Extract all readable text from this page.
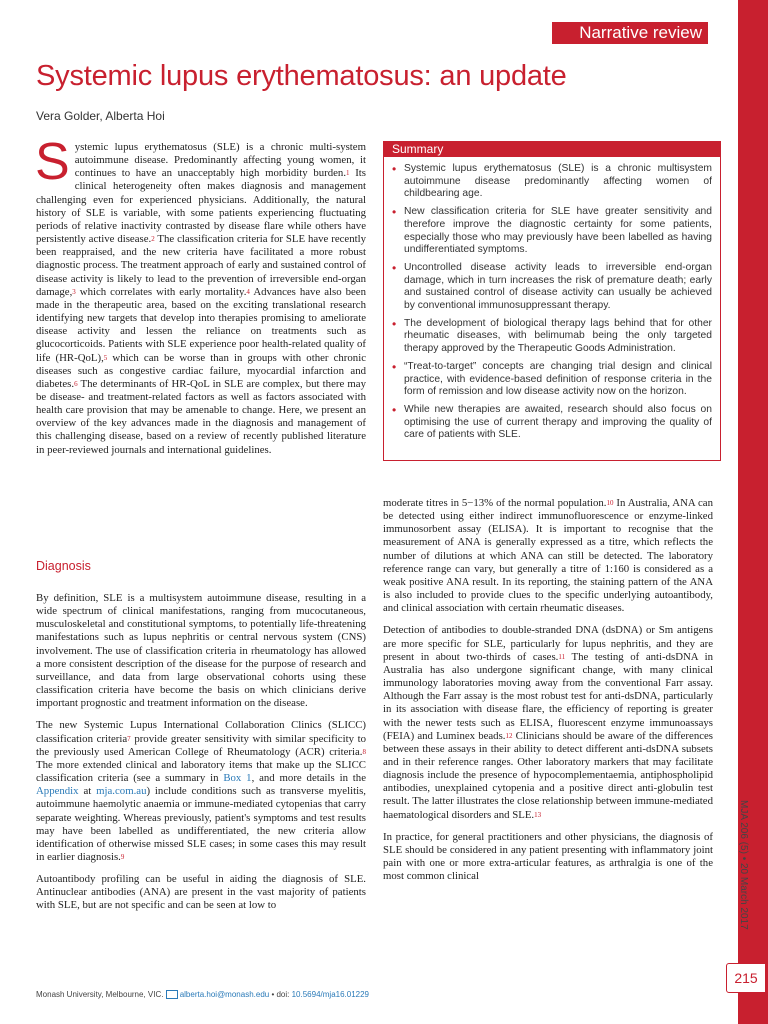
Narrative review
Systemic lupus erythematosus: an update
Vera Golder, Alberta Hoi

Systemic lupus erythematosus (SLE) is a chronic multi-system autoimmune disease. Predominantly affecting young women, it continues to have an unacceptably high morbidity burden.$^1$ Its clinical heterogeneity often makes diagnosis and management challenging even for experienced physicians. Additionally, the natural history of SLE is variable, with some patients experiencing fluctuating periods of relative inactivity contrasted by disease flare while others have persistently active disease.$^2$ The classification criteria for SLE have recently been reappraised, and the new criteria have facilitated a more robust diagnostic process. The treatment approach of early and sustained control of disease activity is likely to lead to the prevention of irreversible end-organ damage,$^3$ which correlates with early mortality.$^4$ Advances have also been made in the therapeutic area, based on the exciting translational research identifying new targets that develop into therapies promising to ameliorate disease activity and lessen the reliance on treatments such as glucocorticoids. Patients with SLE experience poor health-related quality of life (HR-QoL),$^5$ which can be worse than in groups with other chronic diseases such as congestive cardiac failure, myocardial infarction and diabetes.$^6$ The determinants of HR-QoL in SLE are complex, but there may be disease- and treatment-related factors as well as factors associated with health care provision that may be amenable to change. Here, we present an overview of the key advances made in the diagnosis and management of this challenging disease, based on a review of recently published literature in peer-reviewed journals and international guidelines.

Diagnosis

By definition, SLE is a multisystem autoimmune disease, resulting in a wide spectrum of clinical manifestations, ranging from mucocutaneous, musculoskeletal and constitutional symptoms, to potentially life-threatening manifestations such as lupus nephritis or central nervous system (CNS) involvement. The use of classification criteria in rheumatology has allowed a more consistent description of the disease for the purpose of research and surveillance, and data from large observational cohorts using these classification criteria have become the basis on which clinicians derive important prognostic and treatment information on the disease.

The new Systemic Lupus International Collaboration Clinics (SLICC) classification criteria$^7$ provide greater sensitivity with similar specificity to the previously used American College of Rheumatology (ACR) criteria.$^8$ The more extended clinical and laboratory items that make up the SLICC classification criteria (see a summary in Box 1, and more details in the Appendix at mja.com.au) include conditions such as transverse myelitis, autoimmune haemolytic anaemia or immune-mediated cytopenias that carry separate weighting. Whereas previously, patient's symptoms and test results may have been labelled as undifferentiated, the new criteria allow identification of otherwise missed SLE cases; in some cases this may result in earlier diagnosis.$^9$

Autoantibody profiling can be useful in aiding the diagnosis of SLE. Antinuclear antibodies (ANA) are present in the vast majority of patients with SLE, but are not specific and can be seen at low to

Summary
• Systemic lupus erythematosus (SLE) is a chronic multisystem autoimmune disease predominantly affecting women of childbearing age.
• New classification criteria for SLE have greater sensitivity and therefore improve the diagnostic certainty for some patients, especially those who may previously have been labelled as having undifferentiated symptoms.
• Uncontrolled disease activity leads to irreversible end-organ damage, which in turn increases the risk of premature death; early and sustained control of disease activity can usually be achieved by conventional immunosuppressant therapy.
• The development of biological therapy lags behind that for other rheumatic diseases, with belimumab being the only targeted therapy approved by the Therapeutic Goods Administration.
• “Treat-to-target” concepts are changing trial design and clinical practice, with evidence-based definition of response criteria in the form of remission and low disease activity now on the horizon.
• While new therapies are awaited, research should also focus on optimising the use of current therapy and improving the quality of care of patients with SLE.

moderate titres in 5−13% of the normal population.$^{10}$ In Australia, ANA can be detected using either indirect immunofluorescence or enzyme-linked immunosorbent assay (ELISA). It is important to recognise that the measurement of ANA is generally expressed as a titre, which reflects the number of dilutions at which ANA can still be detected. The laboratory reference range can vary, but generally a titre of 1:160 is considered as a weak positive ANA result. In its reporting, the staining pattern of the ANA is also included to provide clues to the specific underlying autoantibody, and clinical association with certain rheumatic diseases.

Detection of antibodies to double-stranded DNA (dsDNA) or Sm antigens are more specific for SLE, particularly for lupus nephritis, and they are present in about two-thirds of cases.$^{11}$ The testing of anti-dsDNA in Australia has also undergone significant change, with many clinical immunology laboratories moving away from the conventional Farr assay. Although the Farr assay is the most robust test for anti-dsDNA, particularly in its association with disease flare, the efficiency of reporting is greater with the newer tests such as ELISA, fluorescent enzyme immunoassays (FEIA) and Luminex beads.$^{12}$ Clinicians should be aware of the differences between these assays in their ability to detect different anti-dsDNA subsets and in their reference ranges. Other laboratory markers that may facilitate diagnosis include the presence of hypocomplementaemia, antiphospholipid antibodies, unexplained cytopenia and a positive direct anti-globulin test result. The latter illustrates the close relationship between immune-mediated haematological disorders and SLE.$^{13}$

In practice, for general practitioners and other physicians, the diagnosis of SLE should be considered in any patient presenting with inflammatory joint pain with one or more extra-articular features, as arthralgia is one of the most common clinical	MJA 206 (5) • 20 March 2017
Monash University, Melbourne, VIC. alberta.hoi@monash.edu • doi: 10.5694/mja16.01229
215
